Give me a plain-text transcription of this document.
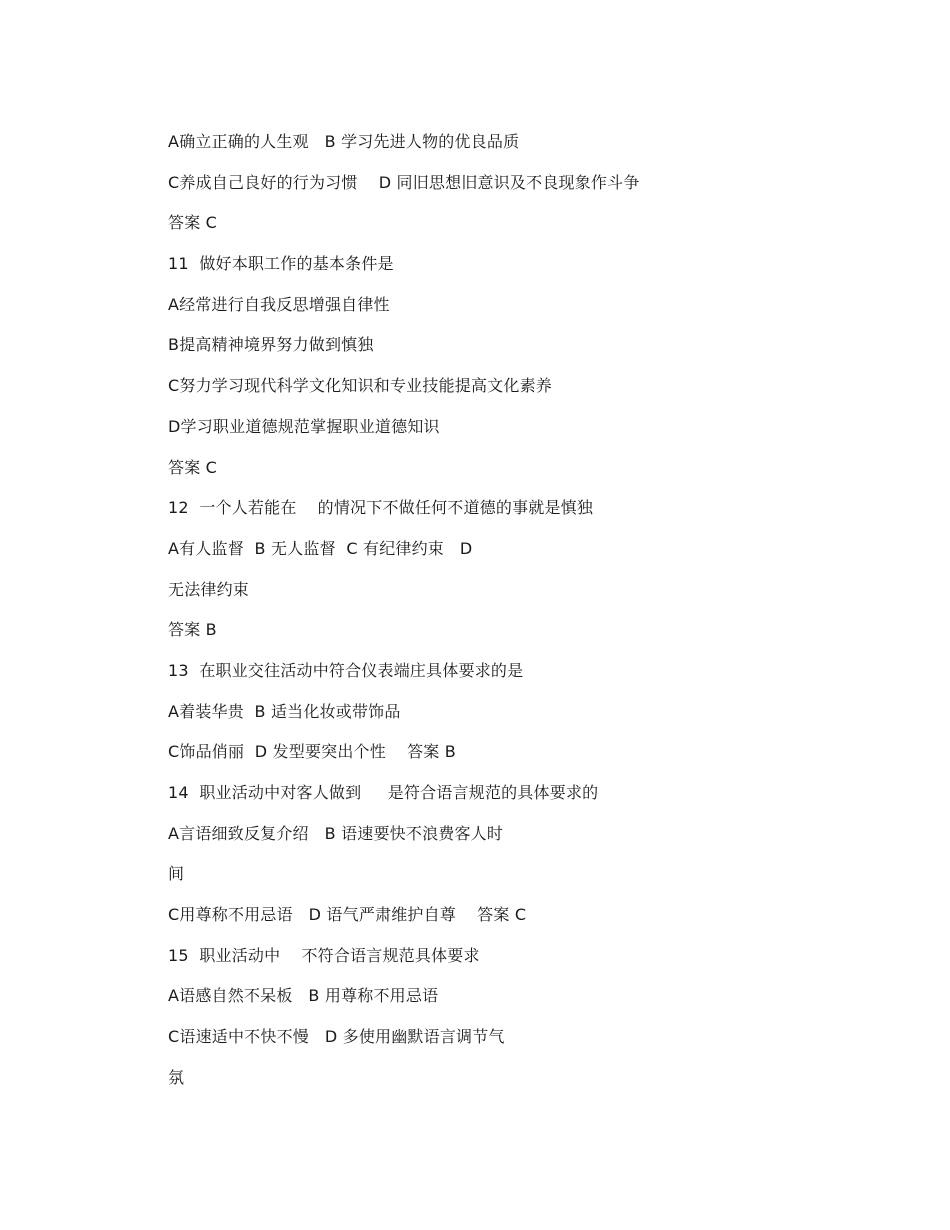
A确立正确的人生观   B 学习先进人物的优良品质
C养成自己良好的行为习惯    D 同旧思想旧意识及不良现象作斗争
答案 C
11  做好本职工作的基本条件是
A经常进行自我反思增强自律性
B提高精神境界努力做到慎独
C努力学习现代科学文化知识和专业技能提高文化素养
D学习职业道德规范掌握职业道德知识
答案 C
12  一个人若能在    的情况下不做任何不道德的事就是慎独
A有人监督  B 无人监督  C 有纪律约束   D
无法律约束
答案 B
13  在职业交往活动中符合仪表端庄具体要求的是
A着装华贵  B 适当化妆或带饰品
C饰品俏丽  D 发型要突出个性    答案 B
14  职业活动中对客人做到     是符合语言规范的具体要求的
A言语细致反复介绍   B 语速要快不浪费客人时
间
C用尊称不用忌语   D 语气严肃维护自尊    答案 C
15  职业活动中    不符合语言规范具体要求
A语感自然不呆板   B 用尊称不用忌语
C语速适中不快不慢   D 多使用幽默语言调节气
氛
